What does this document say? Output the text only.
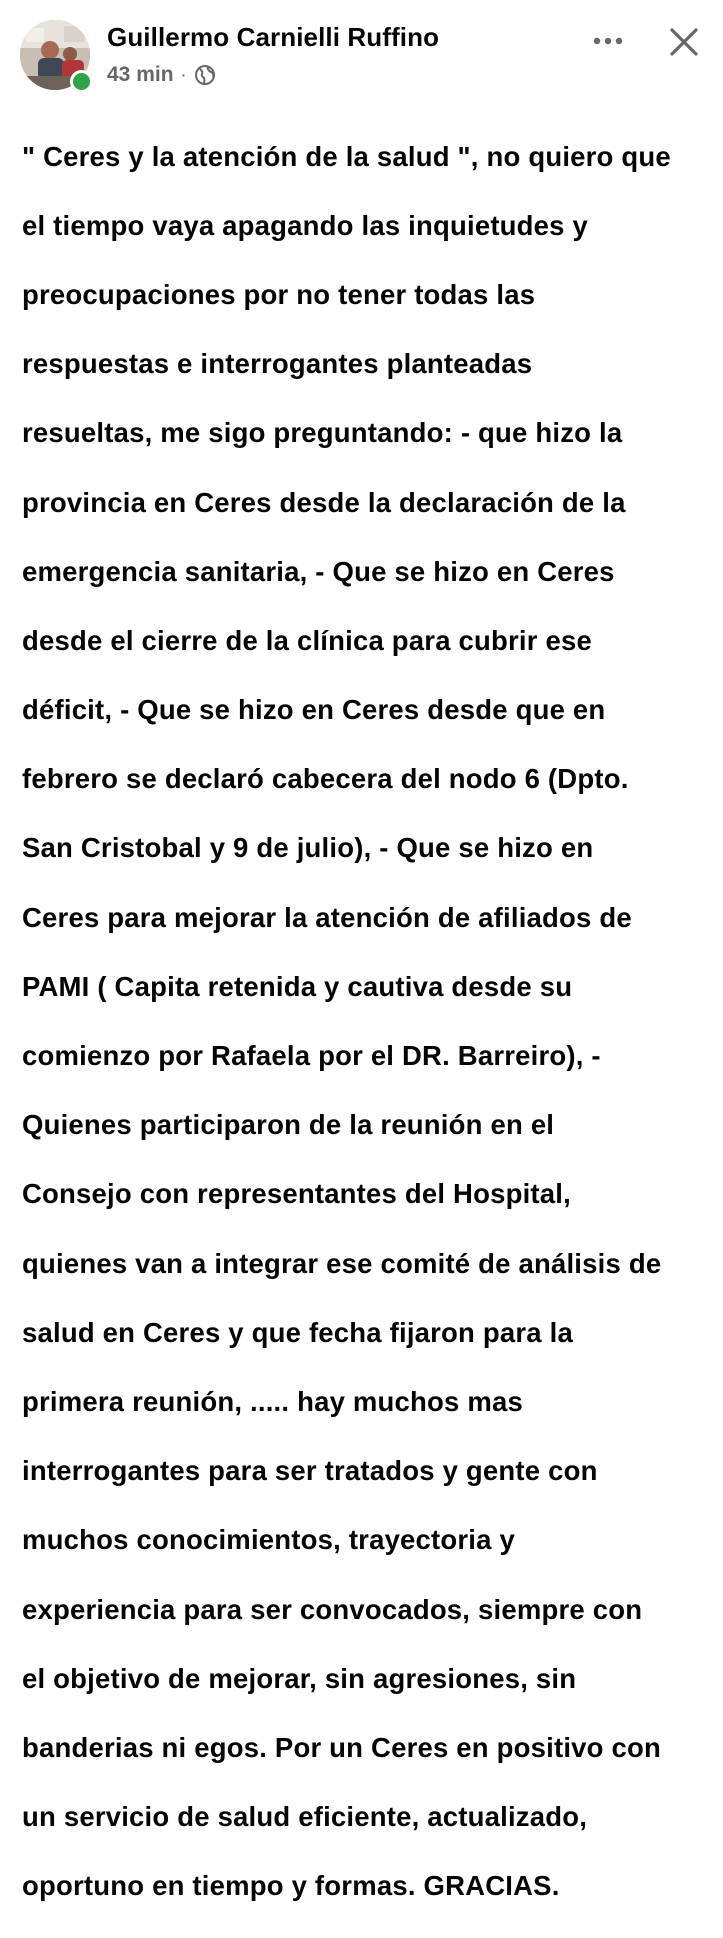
Guillermo Carnielli Ruffino
43 min ·

" Ceres y la atención de la salud ", no quiero que

el tiempo vaya apagando las inquietudes y

preocupaciones por no tener todas las

respuestas e interrogantes planteadas

resueltas, me sigo preguntando: - que hizo la

provincia en Ceres desde la declaración de la

emergencia sanitaria, - Que se hizo en Ceres

desde el cierre de la clínica para cubrir ese

déficit, - Que se hizo en Ceres desde que en

febrero se declaró cabecera del nodo 6 (Dpto.

San Cristobal y 9 de julio), - Que se hizo en

Ceres para mejorar la atención de afiliados de

PAMI ( Capita retenida y cautiva desde su

comienzo por Rafaela por el DR. Barreiro), -

Quienes participaron de la reunión en el

Consejo con representantes del Hospital,

quienes van a integrar ese comité de análisis de

salud en Ceres y que fecha fijaron para la

primera reunión, ..... hay muchos mas

interrogantes para ser tratados y gente con

muchos conocimientos, trayectoria y

experiencia para ser convocados, siempre con

el objetivo de mejorar, sin agresiones, sin

banderias ni egos. Por un Ceres en positivo con

un servicio de salud eficiente, actualizado,

oportuno en tiempo y formas. GRACIAS.
